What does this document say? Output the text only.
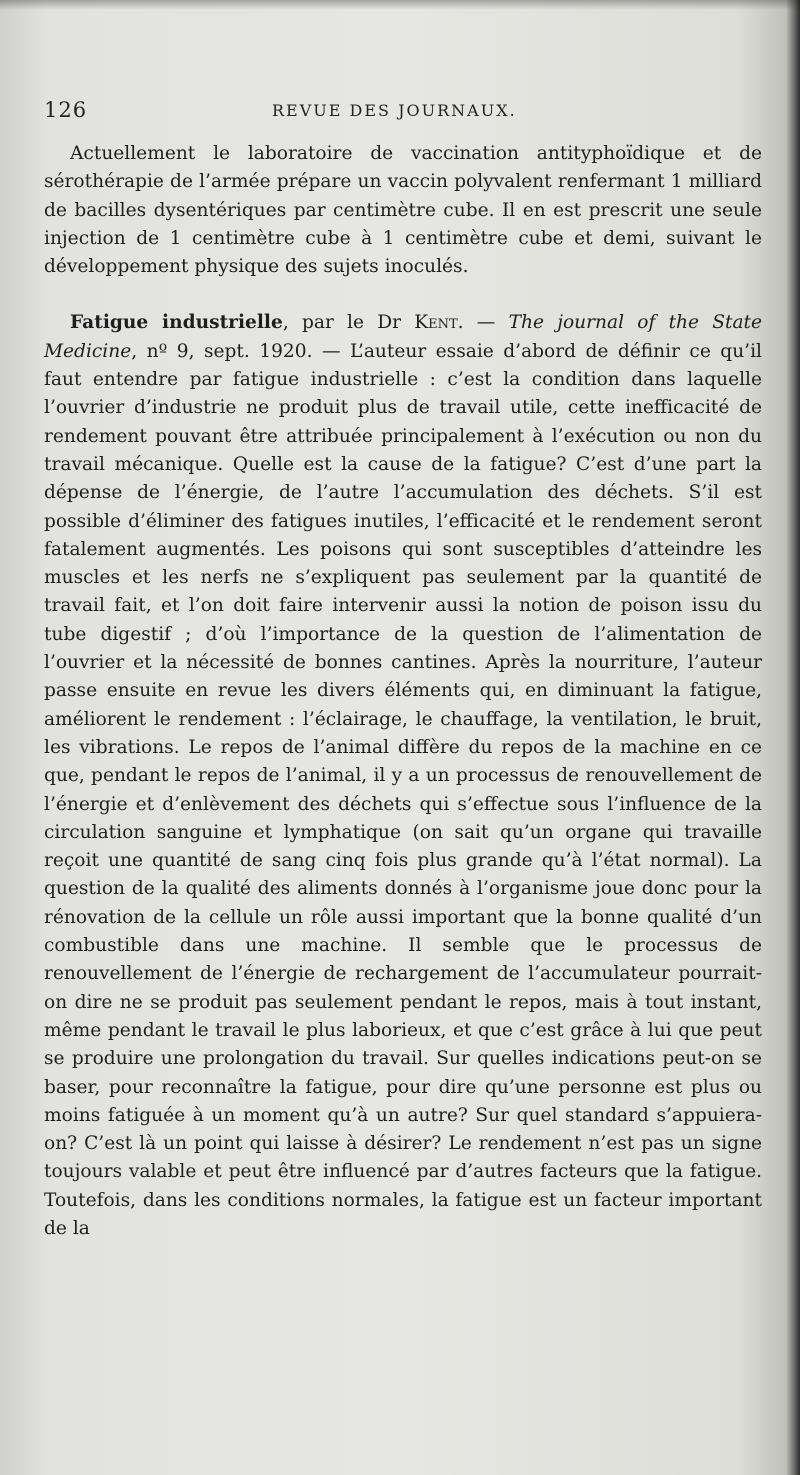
126	REVUE DES JOURNAUX.

Actuellement le laboratoire de vaccination antityphoïdique et de sérothérapie de l’armée prépare un vaccin polyvalent renfermant 1 milliard de bacilles dysentériques par centimètre cube. Il en est prescrit une seule injection de 1 centimètre cube à 1 centimètre cube et demi, suivant le développement physique des sujets inoculés.

Fatigue industrielle, par le Dr Kent. — The journal of the State Medicine, nº 9, sept. 1920. — L’auteur essaie d’abord de définir ce qu’il faut entendre par fatigue industrielle : c’est la condition dans laquelle l’ouvrier d’industrie ne produit plus de travail utile, cette inefficacité de rendement pouvant être attribuée principalement à l’exécution ou non du travail mécanique. Quelle est la cause de la fatigue? C’est d’une part la dépense de l’énergie, de l’autre l’accumulation des déchets. S’il est possible d’éliminer des fatigues inutiles, l’efficacité et le rendement seront fatalement augmentés. Les poisons qui sont susceptibles d’atteindre les muscles et les nerfs ne s’expliquent pas seulement par la quantité de travail fait, et l’on doit faire intervenir aussi la notion de poison issu du tube digestif ; d’où l’importance de la question de l’alimentation de l’ouvrier et la nécessité de bonnes cantines. Après la nourriture, l’auteur passe ensuite en revue les divers éléments qui, en diminuant la fatigue, améliorent le rendement : l’éclairage, le chauffage, la ventilation, le bruit, les vibrations. Le repos de l’animal diffère du repos de la machine en ce que, pendant le repos de l’animal, il y a un processus de renouvellement de l’énergie et d’enlèvement des déchets qui s’effectue sous l’influence de la circulation sanguine et lymphatique (on sait qu’un organe qui travaille reçoit une quantité de sang cinq fois plus grande qu’à l’état normal). La question de la qualité des aliments donnés à l’organisme joue donc pour la rénovation de la cellule un rôle aussi important que la bonne qualité d’un combustible dans une machine. Il semble que le processus de renouvellement de l’énergie de rechargement de l’accumulateur pourrait-on dire ne se produit pas seulement pendant le repos, mais à tout instant, même pendant le travail le plus laborieux, et que c’est grâce à lui que peut se produire une prolongation du travail. Sur quelles indications peut-on se baser, pour reconnaître la fatigue, pour dire qu’une personne est plus ou moins fatiguée à un moment qu’à un autre? Sur quel standard s’appuiera-on? C’est là un point qui laisse à désirer? Le rendement n’est pas un signe toujours valable et peut être influencé par d’autres facteurs que la fatigue. Toutefois, dans les conditions normales, la fatigue est un facteur important de la
